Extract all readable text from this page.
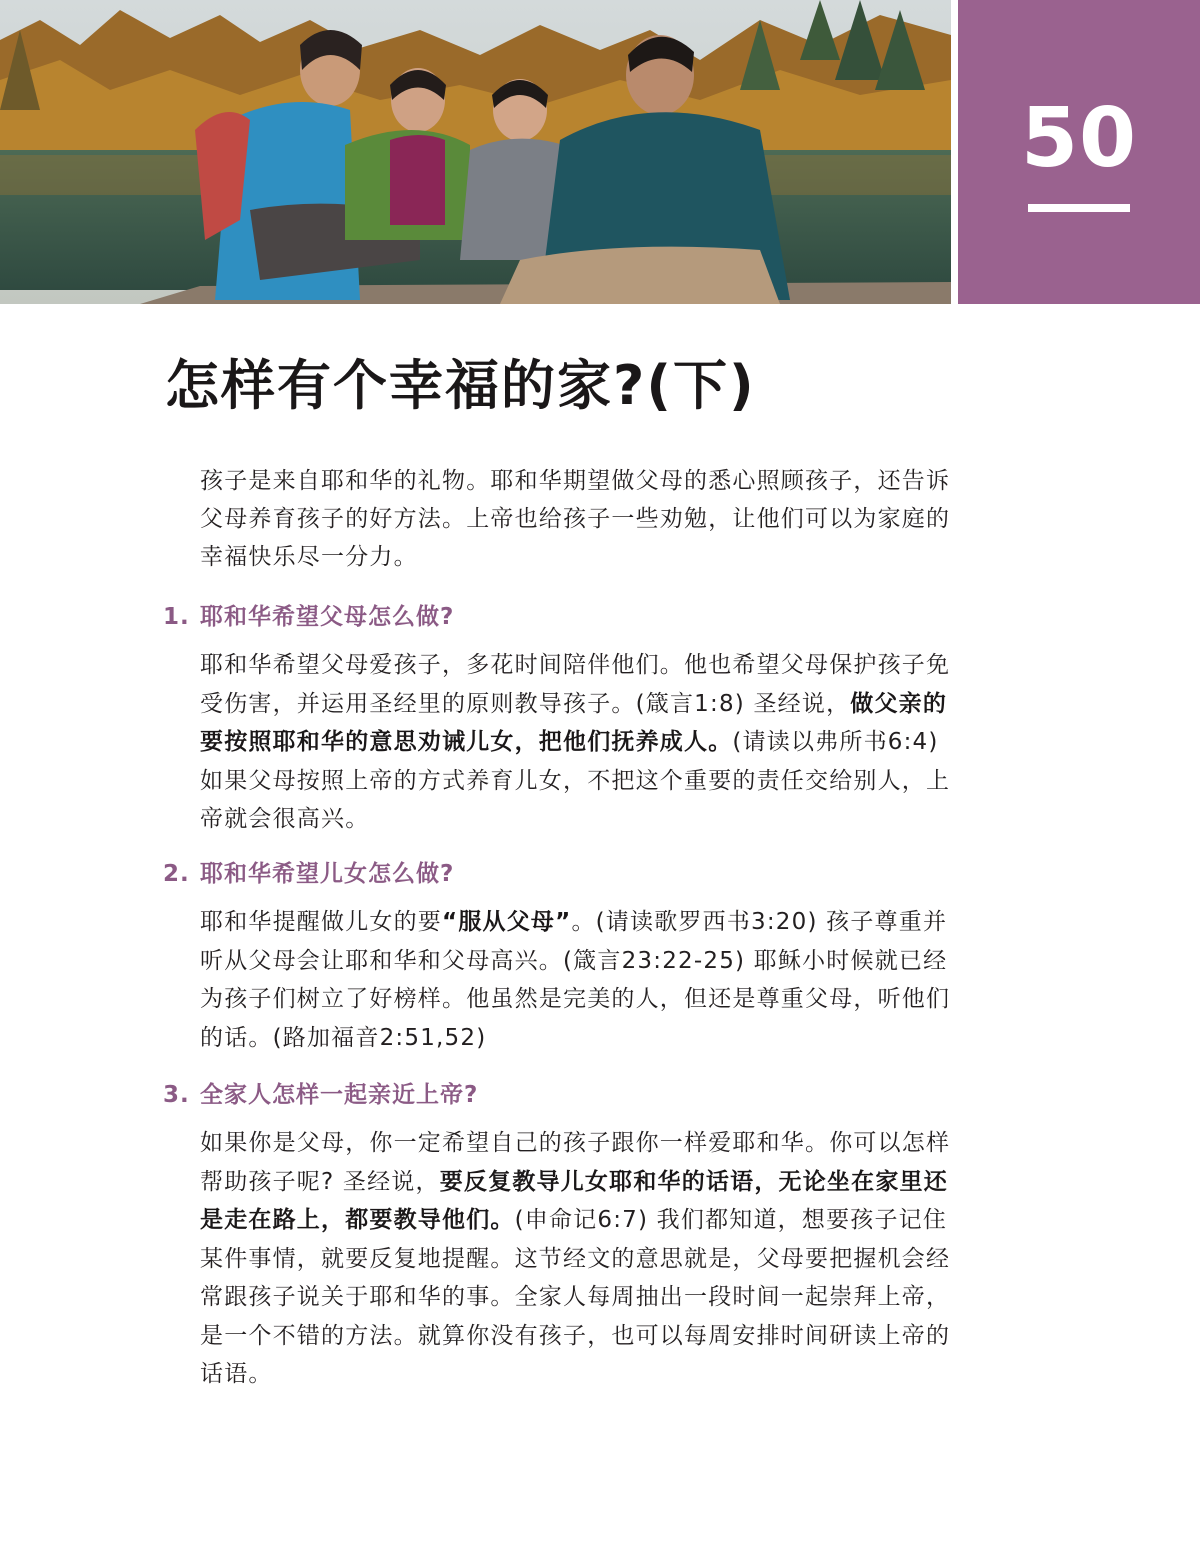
50
怎样有个幸福的家?(下)

孩子是来自耶和华的礼物。耶和华期望做父母的悉心照顾孩子，还告诉父母养育孩子的好方法。上帝也给孩子一些劝勉，让他们可以为家庭的幸福快乐尽一分力。

1. 耶和华希望父母怎么做?

耶和华希望父母爱孩子，多花时间陪伴他们。他也希望父母保护孩子免受伤害，并运用圣经里的原则教导孩子。(箴言1:8) 圣经说，做父亲的要按照耶和华的意思劝诫儿女，把他们抚养成人。(请读以弗所书6:4) 如果父母按照上帝的方式养育儿女，不把这个重要的责任交给别人，上帝就会很高兴。

2. 耶和华希望儿女怎么做?

耶和华提醒做儿女的要“服从父母”。(请读歌罗西书3:20) 孩子尊重并听从父母会让耶和华和父母高兴。(箴言23:22-25) 耶稣小时候就已经为孩子们树立了好榜样。他虽然是完美的人，但还是尊重父母，听他们的话。(路加福音2:51,52)

3. 全家人怎样一起亲近上帝?

如果你是父母，你一定希望自己的孩子跟你一样爱耶和华。你可以怎样帮助孩子呢? 圣经说，要反复教导儿女耶和华的话语，无论坐在家里还是走在路上，都要教导他们。(申命记6:7) 我们都知道，想要孩子记住某件事情，就要反复地提醒。这节经文的意思就是，父母要把握机会经常跟孩子说关于耶和华的事。全家人每周抽出一段时间一起崇拜上帝，是一个不错的方法。就算你没有孩子，也可以每周安排时间研读上帝的话语。
